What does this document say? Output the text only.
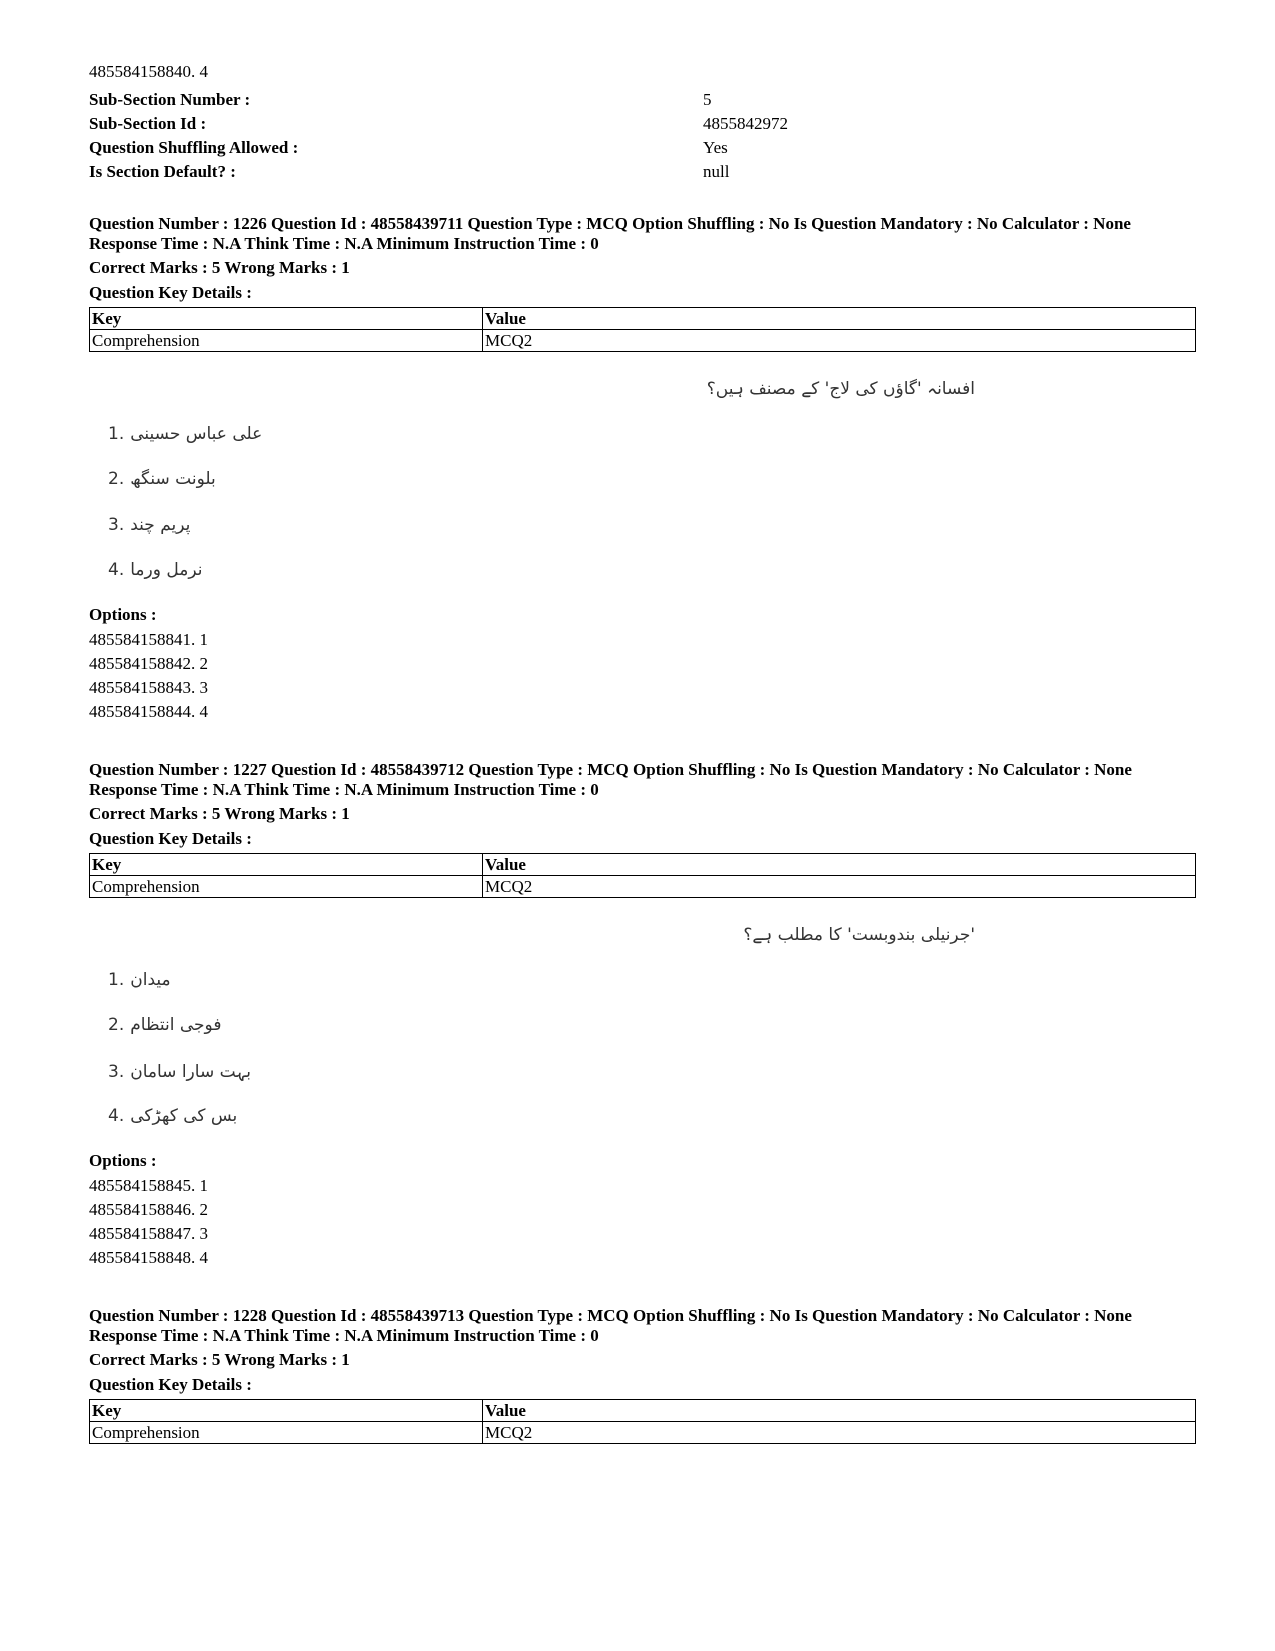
485584158840. 4
Sub-Section Number :	5
Sub-Section Id :	4855842972
Question Shuffling Allowed :	Yes
Is Section Default? :	null
Question Number : 1226 Question Id : 48558439711 Question Type : MCQ Option Shuffling : No Is Question Mandatory : No Calculator : None
Response Time : N.A Think Time : N.A Minimum Instruction Time : 0
Correct Marks : 5 Wrong Marks : 1
Question Key Details :
Key	Value
Comprehension	MCQ2
افسانہ 'گاؤں کی لاج' کے مصنف ہیں؟
1. علی عباس حسینی
2. بلونت سنگھ
3. پریم چند
4. نرمل ورما
Options :
485584158841. 1
485584158842. 2
485584158843. 3
485584158844. 4
Question Number : 1227 Question Id : 48558439712 Question Type : MCQ Option Shuffling : No Is Question Mandatory : No Calculator : None
Response Time : N.A Think Time : N.A Minimum Instruction Time : 0
Correct Marks : 5 Wrong Marks : 1
Question Key Details :
Key	Value
Comprehension	MCQ2
'جرنیلی بندوبست' کا مطلب ہے؟
1. میدان
2. فوجی انتظام
3. بہت سارا سامان
4. بس کی کھڑکی
Options :
485584158845. 1
485584158846. 2
485584158847. 3
485584158848. 4
Question Number : 1228 Question Id : 48558439713 Question Type : MCQ Option Shuffling : No Is Question Mandatory : No Calculator : None
Response Time : N.A Think Time : N.A Minimum Instruction Time : 0
Correct Marks : 5 Wrong Marks : 1
Question Key Details :
Key	Value
Comprehension	MCQ2
